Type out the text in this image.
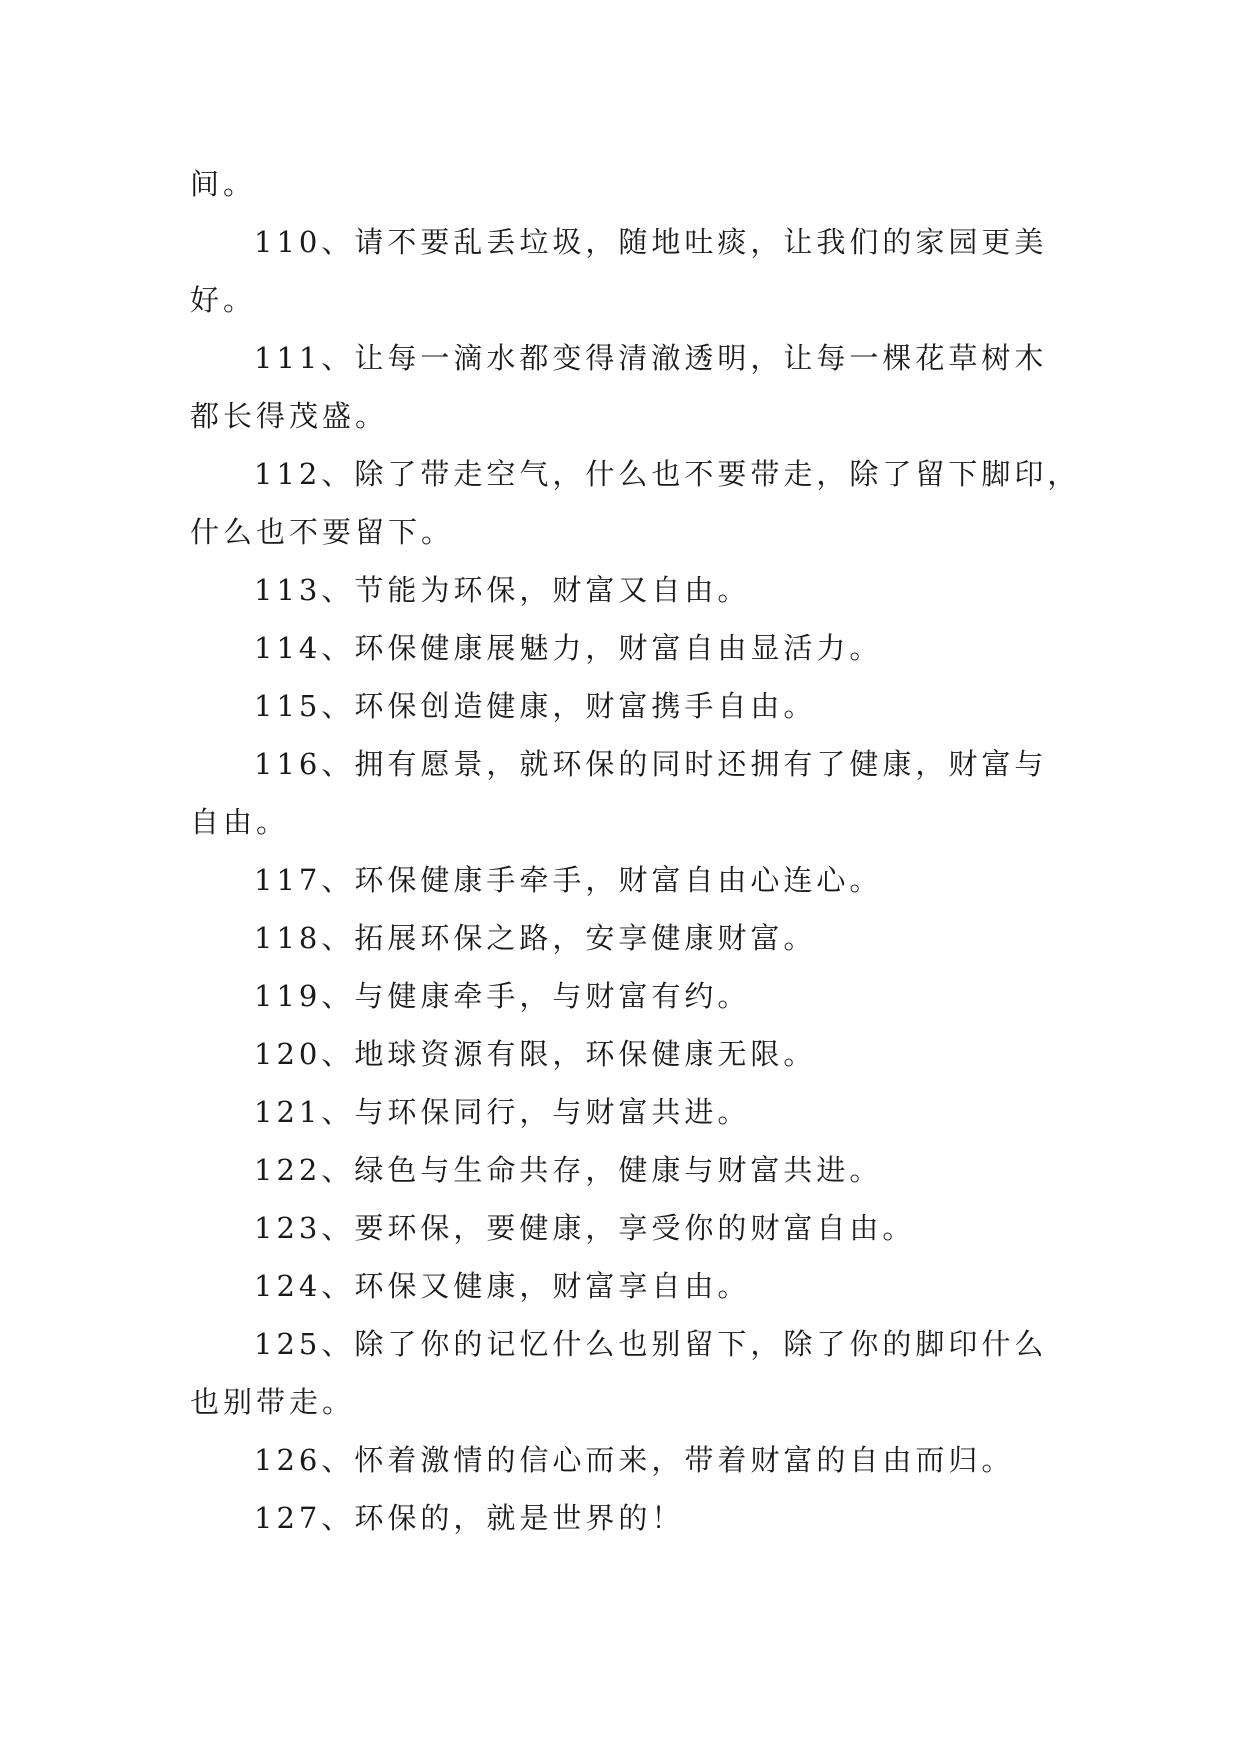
间。
110、请不要乱丢垃圾，随地吐痰，让我们的家园更美
好。
111、让每一滴水都变得清澈透明，让每一棵花草树木
都长得茂盛。
112、除了带走空气，什么也不要带走，除了留下脚印，
什么也不要留下。
113、节能为环保，财富又自由。
114、环保健康展魅力，财富自由显活力。
115、环保创造健康，财富携手自由。
116、拥有愿景，就环保的同时还拥有了健康，财富与
自由。
117、环保健康手牵手，财富自由心连心。
118、拓展环保之路，安享健康财富。
119、与健康牵手，与财富有约。
120、地球资源有限，环保健康无限。
121、与环保同行，与财富共进。
122、绿色与生命共存，健康与财富共进。
123、要环保，要健康，享受你的财富自由。
124、环保又健康，财富享自由。
125、除了你的记忆什么也别留下，除了你的脚印什么
也别带走。
126、怀着激情的信心而来，带着财富的自由而归。
127、环保的，就是世界的！
